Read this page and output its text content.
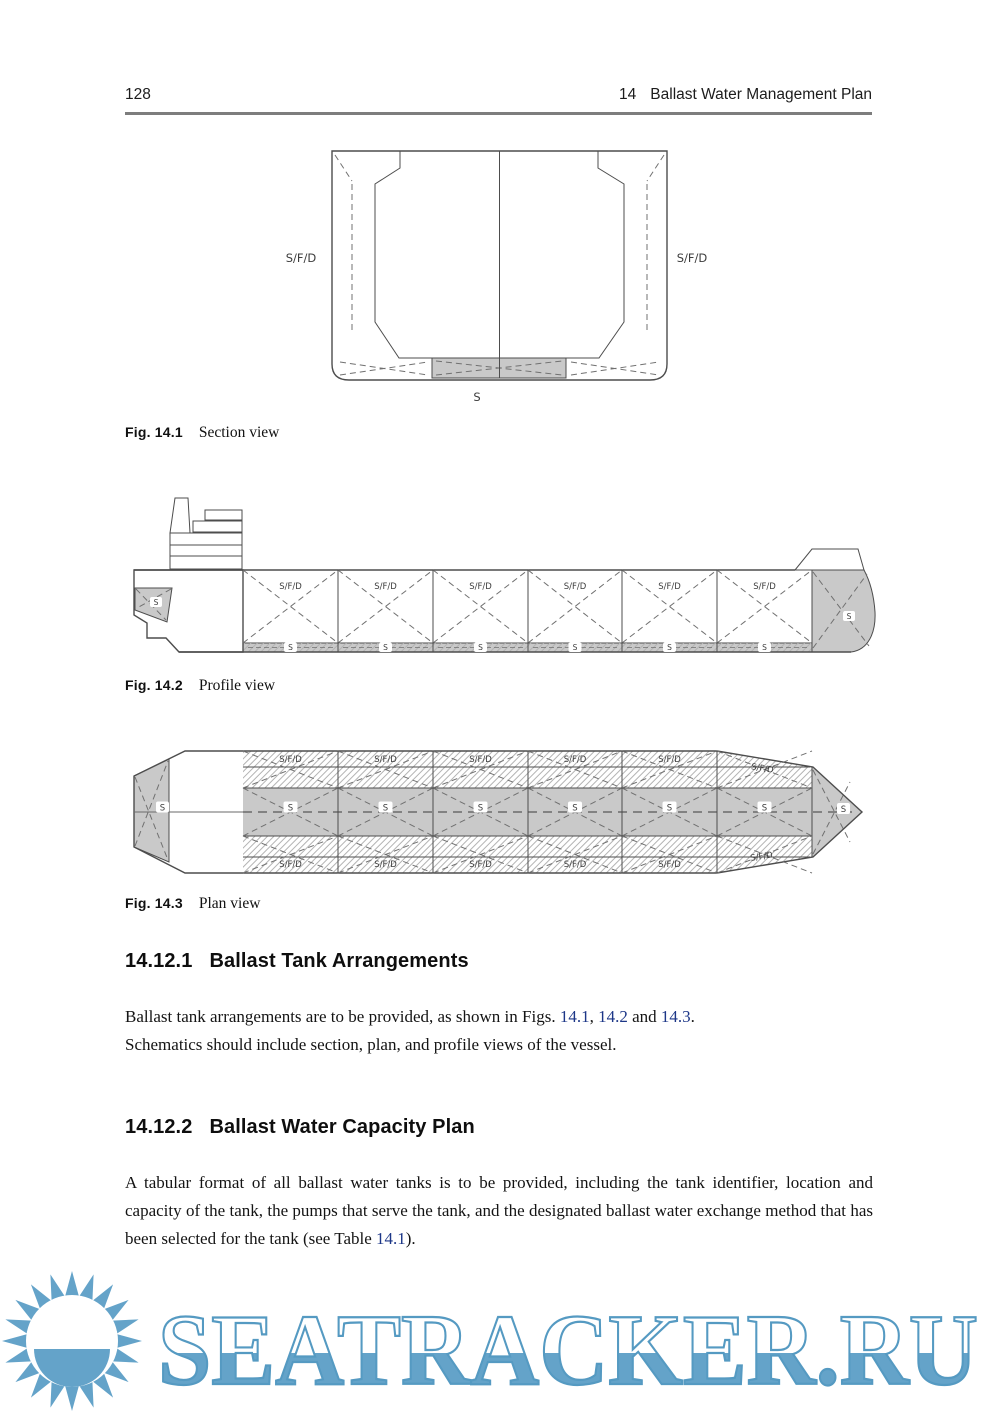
128	14 Ballast Water Management Plan
S/F/D	S/F/D
S
Fig. 14.1 Section view
S
S
S/F/D
S
S/F/D
S
S/F/D
S
S/F/D
S
S/F/D
S
S/F/D
S
Fig. 14.2 Profile view
S/F/D
S/F/D
S
S/F/D
S/F/D
S
S/F/D
S/F/D
S
S/F/D
S/F/D
S
S/F/D
S/F/D
S
S/F/D
S/F/D
S	S
S
Fig. 14.3 Plan view
14.12.1 Ballast Tank Arrangements
Ballast tank arrangements are to be provided, as shown in Figs. 14.1, 14.2 and 14.3.
Schematics should include section, plan, and profile views of the vessel.
14.12.2 Ballast Water Capacity Plan
A tabular format of all ballast water tanks is to be provided, including the tank identifier, location and capacity of the tank, the pumps that serve the tank, and the designated ballast water exchange method that has been selected for the tank (see Table 14.1).
SEATRACKER.RU
